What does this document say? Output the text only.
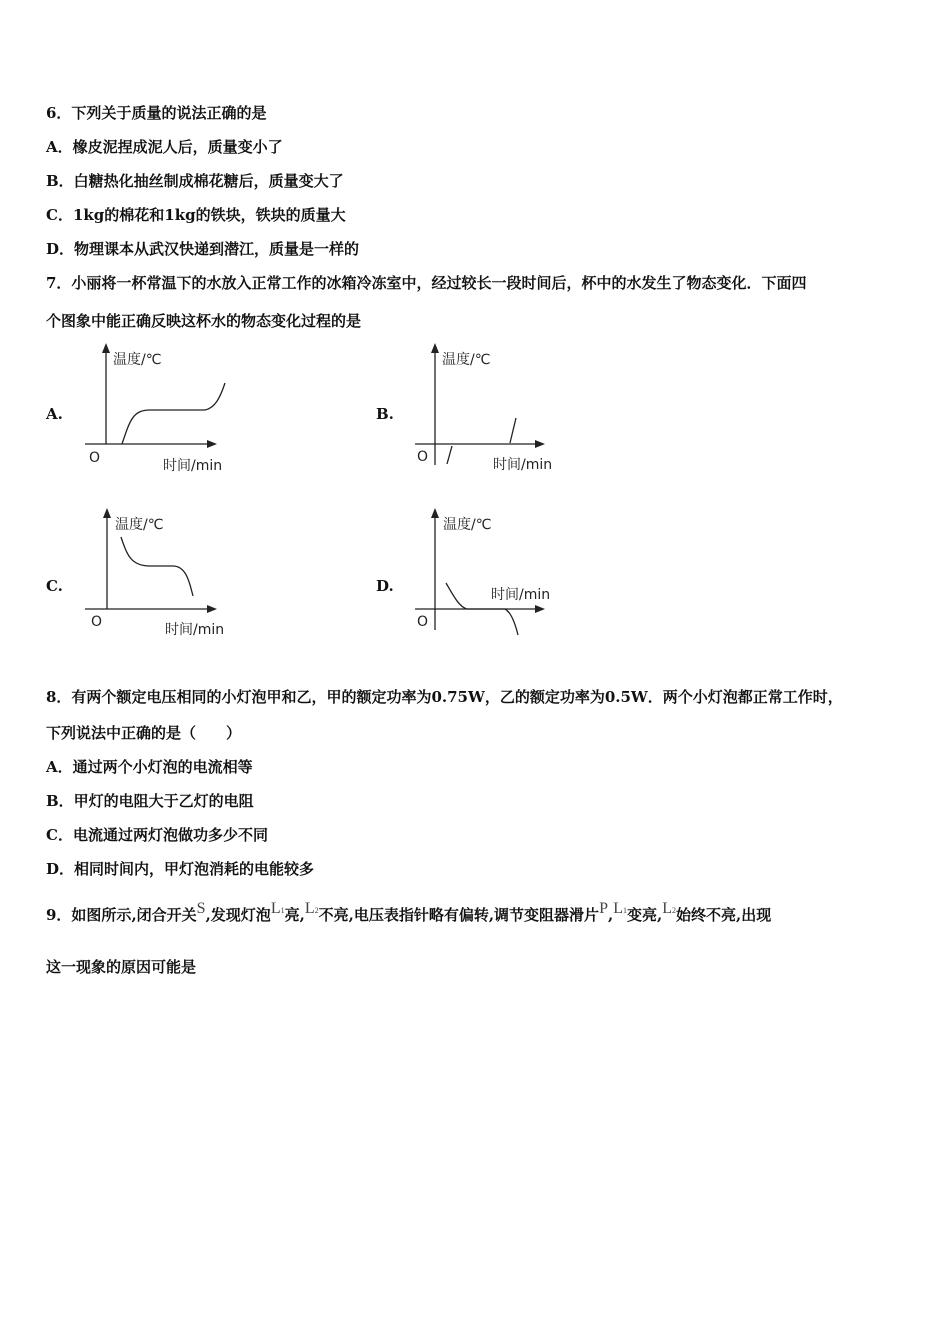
6．下列关于质量的说法正确的是
A．橡皮泥捏成泥人后，质量变小了
B．白糖热化抽丝制成棉花糖后，质量变大了
C．1kg的棉花和1kg的铁块，铁块的质量大
D．物理课本从武汉快递到潜江，质量是一样的
7．小丽将一杯常温下的水放入正常工作的冰箱冷冻室中，经过较长一段时间后，杯中的水发生了物态变化．下面四
个图象中能正确反映这杯水的物态变化过程的是
A.
温度/℃
O	时间/min
B.
温度/℃
O	时间/min
C.
温度/℃
O	时间/min
D.
温度/℃
O
时间/min
8．有两个额定电压相同的小灯泡甲和乙，甲的额定功率为0.75W，乙的额定功率为0.5W．两个小灯泡都正常工作时，
下列说法中正确的是（　　）
A．通过两个小灯泡的电流相等
B．甲灯的电阻大于乙灯的电阻
C．电流通过两灯泡做功多少不同
D．相同时间内，甲灯泡消耗的电能较多
9．如图所示,闭合开关S,发现灯泡L1亮,L2不亮,电压表指针略有偏转,调节变阻器滑片P,L1变亮,L2始终不亮,出现
这一现象的原因可能是
